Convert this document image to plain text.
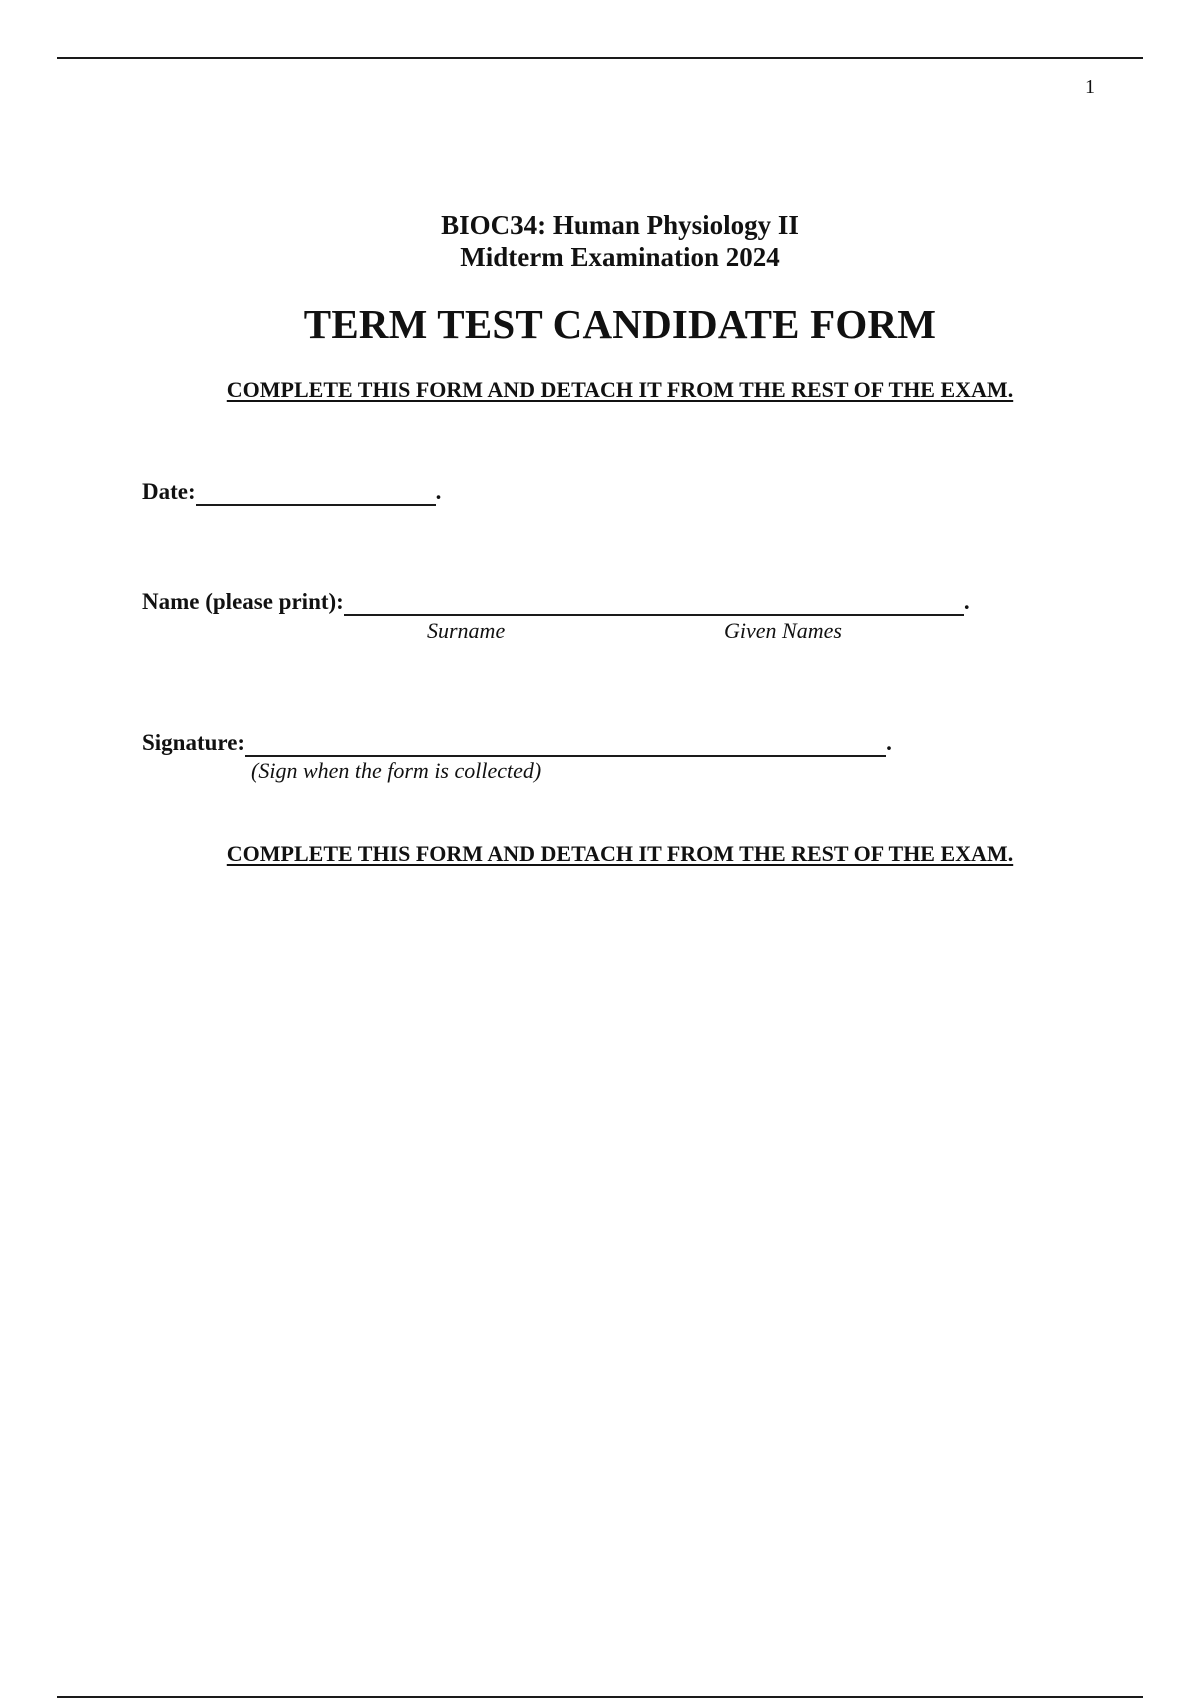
1
BIOC34: Human Physiology II
Midterm Examination 2024
TERM TEST CANDIDATE FORM
COMPLETE THIS FORM AND DETACH IT FROM THE REST OF THE EXAM.
Date:	.
Name (please print):	.
Surname	Given Names
Signature:	.
(Sign when the form is collected)
COMPLETE THIS FORM AND DETACH IT FROM THE REST OF THE EXAM.
